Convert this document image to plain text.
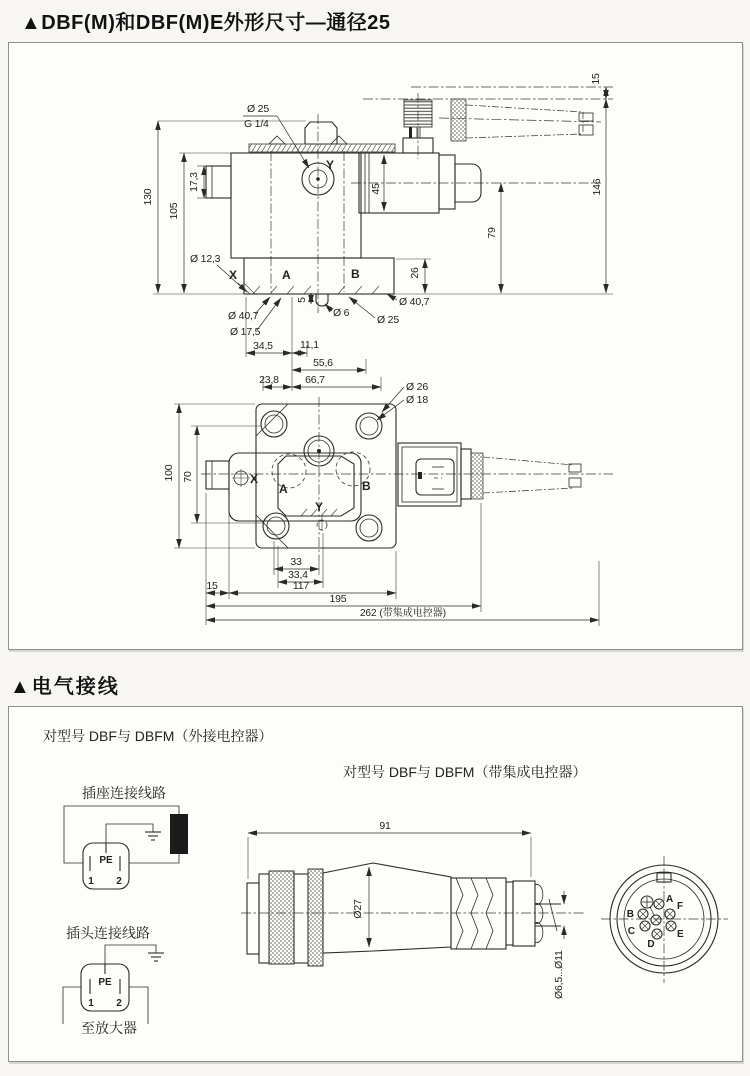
▲DBF(M)和DBF(M)E外形尺寸—通径25
Y
45
15
146
79
26
130
105
17,3
Ø 25
G 1/4
Ø 12,3
X	A	B
Ø 40,7
Ø 17,5
5
Ø 6
Ø 25
Ø 40,7
34,5	11,1
55,6
23,8	66,7
Ø 26
Ø 18
X
A	B
Y
100 70
33
33,4
15	117
195
262 (带集成电控器)
▲电气接线
对型号 DBF与 DBFM（外接电控器）
对型号 DBF与 DBFM（带集成电控器）
插座连接线路
PE
1 2
插头连接线路
PE
1 2
至放大器
91
Ø27
Ø6,5...Ø11
A
F
B
C
D
E
